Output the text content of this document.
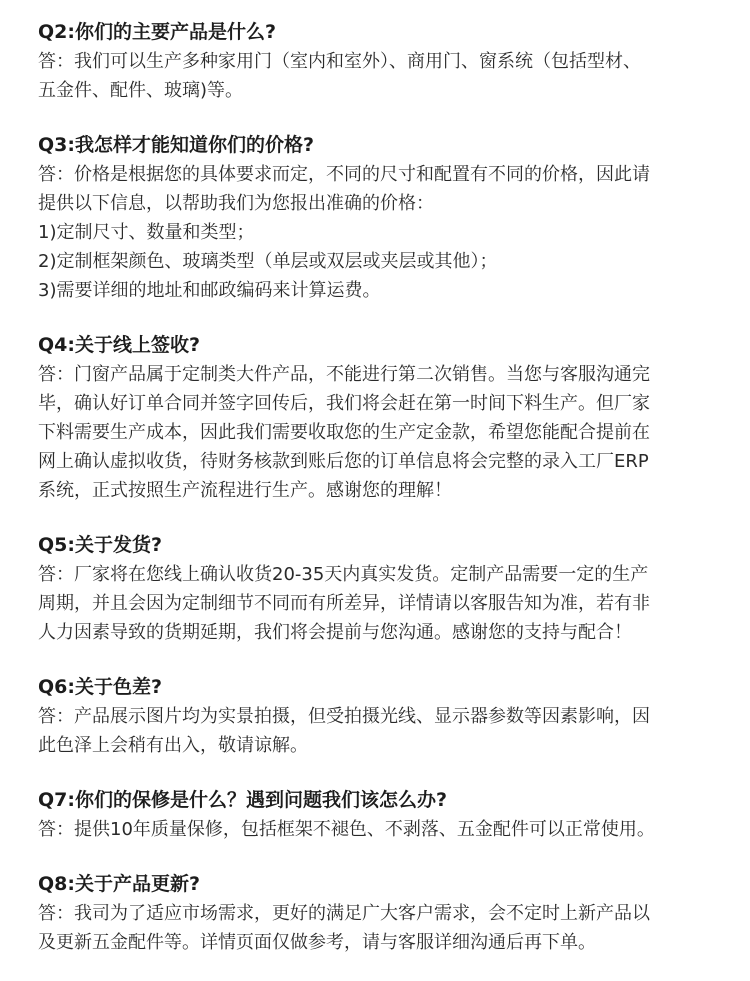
Q2:你们的主要产品是什么?

答：我们可以生产多种家用门（室内和室外）、商用门、窗系统（包括型材、

五金件、配件、玻璃)等。

Q3:我怎样才能知道你们的价格?

答：价格是根据您的具体要求而定，不同的尺寸和配置有不同的价格，因此请

提供以下信息，以帮助我们为您报出准确的价格：

1)定制尺寸、数量和类型；

2)定制框架颜色、玻璃类型（单层或双层或夹层或其他）；

3)需要详细的地址和邮政编码来计算运费。

Q4:关于线上签收?

答：门窗产品属于定制类大件产品，不能进行第二次销售。当您与客服沟通完

毕，确认好订单合同并签字回传后，我们将会赶在第一时间下料生产。但厂家

下料需要生产成本，因此我们需要收取您的生产定金款，希望您能配合提前在

网上确认虚拟收货，待财务核款到账后您的订单信息将会完整的录入工厂ERP

系统，正式按照生产流程进行生产。感谢您的理解！

Q5:关于发货?

答：厂家将在您线上确认收货20-35天内真实发货。定制产品需要一定的生产

周期，并且会因为定制细节不同而有所差异，详情请以客服告知为准，若有非

人力因素导致的货期延期，我们将会提前与您沟通。感谢您的支持与配合！

Q6:关于色差?

答：产品展示图片均为实景拍摄，但受拍摄光线、显示器参数等因素影响，因

此色泽上会稍有出入，敬请谅解。

Q7:你们的保修是什么？遇到问题我们该怎么办?

答：提供10年质量保修，包括框架不褪色、不剥落、五金配件可以正常使用。

Q8:关于产品更新?

答：我司为了适应市场需求，更好的满足广大客户需求，会不定时上新产品以

及更新五金配件等。详情页面仅做参考，请与客服详细沟通后再下单。
